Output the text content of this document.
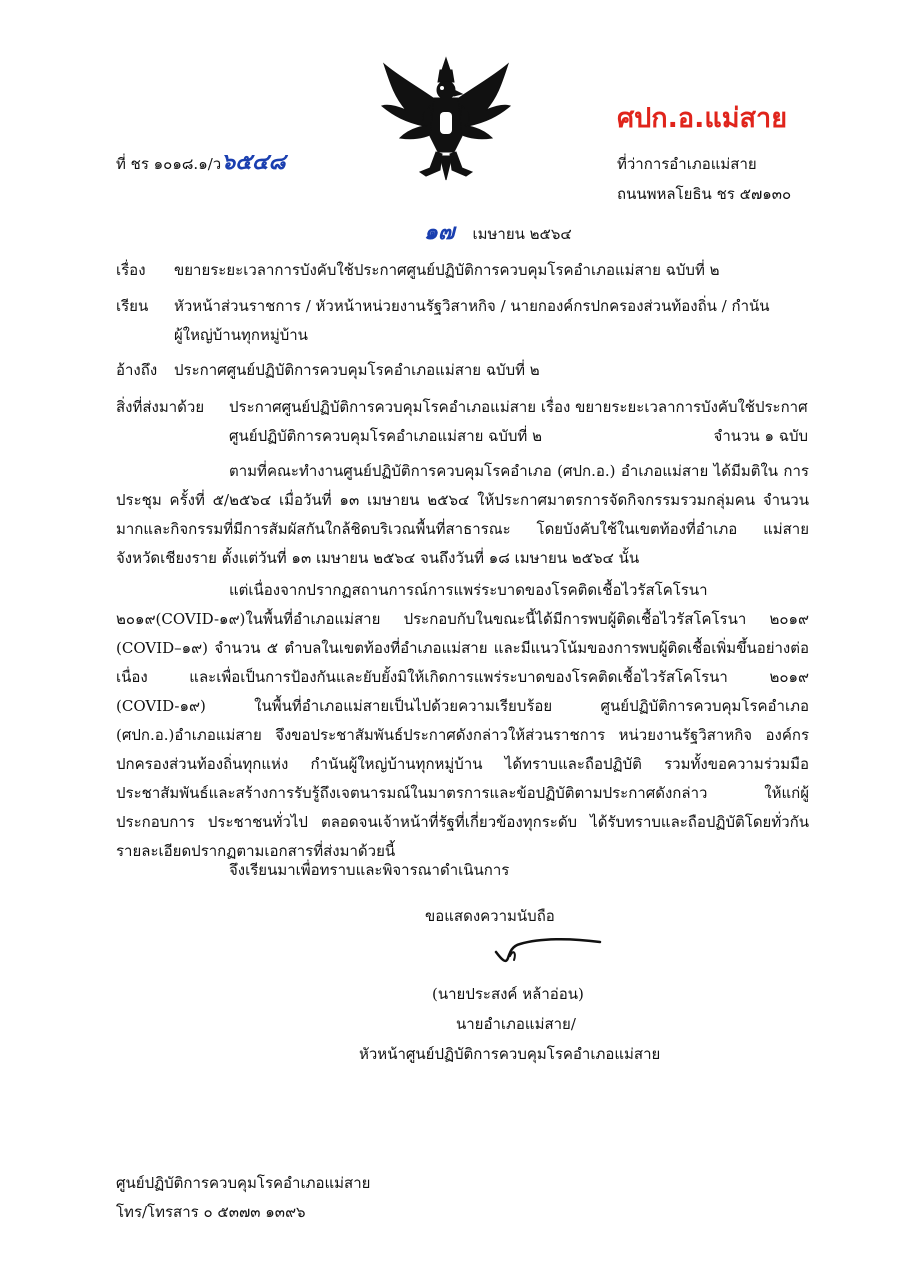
ศปก.อ.แม่สาย
ที่ ชร ๑๐๑๘.๑/ว๖๕๔๘	ที่ว่าการอำเภอแม่สาย
ถนนพหลโยธิน ชร ๕๗๑๓๐
๑๗ เมษายน ๒๕๖๔
เรื่อง	ขยายระยะเวลาการบังคับใช้ประกาศศูนย์ปฏิบัติการควบคุมโรคอำเภอแม่สาย ฉบับที่ ๒
เรียน	หัวหน้าส่วนราชการ / หัวหน้าหน่วยงานรัฐวิสาหกิจ / นายกองค์กรปกครองส่วนท้องถิ่น / กำนัน
ผู้ใหญ่บ้านทุกหมู่บ้าน
อ้างถึง	ประกาศศูนย์ปฏิบัติการควบคุมโรคอำเภอแม่สาย ฉบับที่ ๒
สิ่งที่ส่งมาด้วย	ประกาศศูนย์ปฏิบัติการควบคุมโรคอำเภอแม่สาย เรื่อง ขยายระยะเวลาการบังคับใช้ประกาศ
ศูนย์ปฏิบัติการควบคุมโรคอำเภอแม่สาย ฉบับที่ ๒	จำนวน ๑ ฉบับ
ตามที่คณะทำงานศูนย์ปฏิบัติการควบคุมโรคอำเภอ (ศปก.อ.) อำเภอแม่สาย ได้มีมติใน การประชุม ครั้งที่ ๕/๒๕๖๔ เมื่อวันที่ ๑๓ เมษายน ๒๕๖๔ ให้ประกาศมาตรการจัดกิจกรรมรวมกลุ่มคน จำนวนมากและกิจกรรมที่มีการสัมผัสกันใกล้ชิดบริเวณพื้นที่สาธารณะ โดยบังคับใช้ในเขตท้องที่อำเภอ แม่สาย จังหวัดเชียงราย ตั้งแต่วันที่ ๑๓ เมษายน ๒๕๖๔ จนถึงวันที่ ๑๘ เมษายน ๒๕๖๔ นั้น
แต่เนื่องจากปรากฏสถานการณ์การแพร่ระบาดของโรคติดเชื้อไวรัสโคโรนา ๒๐๑๙(COVID-๑๙)ในพื้นที่อำเภอแม่สาย ประกอบกับในขณะนี้ได้มีการพบผู้ติดเชื้อไวรัสโคโรนา ๒๐๑๙ (COVID–๑๙) จำนวน ๕ ตำบลในเขตท้องที่อำเภอแม่สาย และมีแนวโน้มของการพบผู้ติดเชื้อเพิ่มขึ้นอย่างต่อเนื่อง และเพื่อเป็นการป้องกันและยับยั้งมิให้เกิดการแพร่ระบาดของโรคติดเชื้อไวรัสโคโรนา ๒๐๑๙ (COVID-๑๙) ในพื้นที่อำเภอแม่สายเป็นไปด้วยความเรียบร้อย ศูนย์ปฏิบัติการควบคุมโรคอำเภอ (ศปก.อ.)อำเภอแม่สาย จึงขอประชาสัมพันธ์ประกาศดังกล่าวให้ส่วนราชการ หน่วยงานรัฐวิสาหกิจ องค์กรปกครองส่วนท้องถิ่นทุกแห่ง กำนันผู้ใหญ่บ้านทุกหมู่บ้าน ได้ทราบและถือปฏิบัติ รวมทั้งขอความร่วมมือประชาสัมพันธ์และสร้างการรับรู้ถึงเจตนารมณ์ในมาตรการและข้อปฏิบัติตามประกาศดังกล่าว ให้แก่ผู้ประกอบการ ประชาชนทั่วไป ตลอดจนเจ้าหน้าที่รัฐที่เกี่ยวข้องทุกระดับ ได้รับทราบและถือปฏิบัติโดยทั่วกัน รายละเอียดปรากฏตามเอกสารที่ส่งมาด้วยนี้
จึงเรียนมาเพื่อทราบและพิจารณาดำเนินการ
ขอแสดงความนับถือ
(นายประสงค์ หล้าอ่อน)
นายอำเภอแม่สาย/
หัวหน้าศูนย์ปฏิบัติการควบคุมโรคอำเภอแม่สาย
ศูนย์ปฏิบัติการควบคุมโรคอำเภอแม่สาย
โทร/โทรสาร ๐ ๕๓๗๓ ๑๓๙๖
